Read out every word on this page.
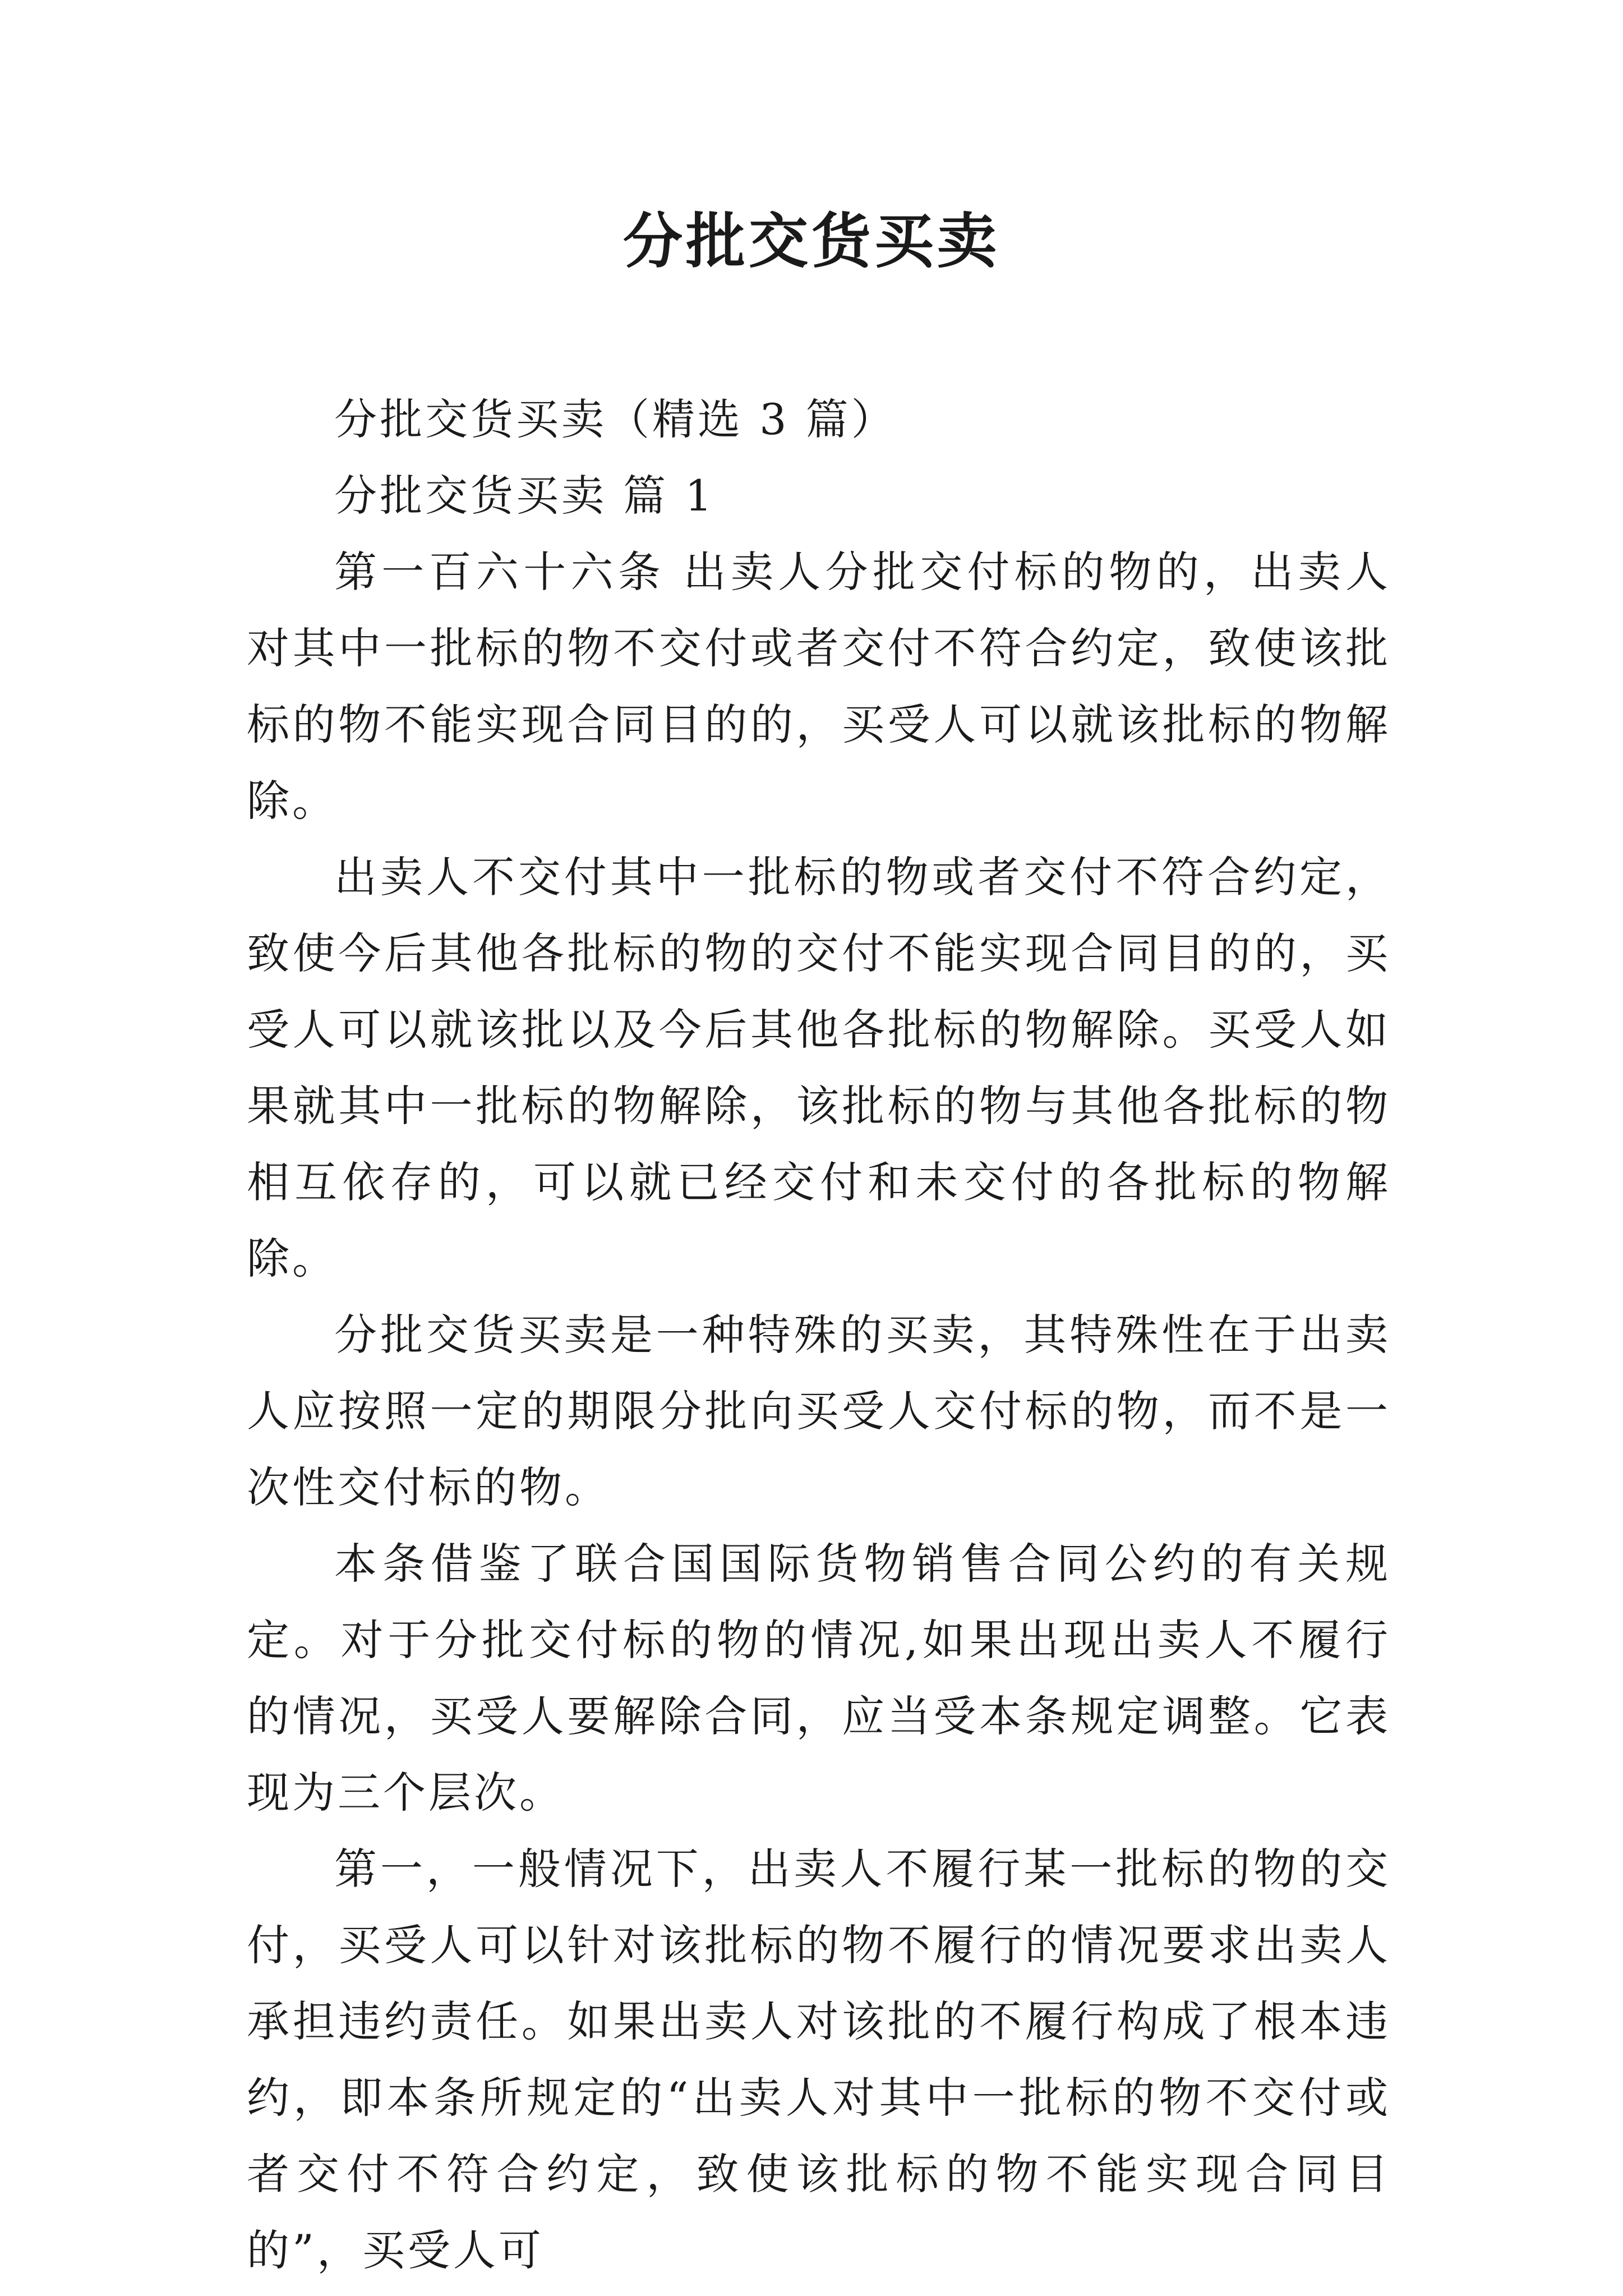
分批交货买卖

分批交货买卖（精选 3 篇）

分批交货买卖 篇 1

第一百六十六条 出卖人分批交付标的物的，出卖人对其中一批标的物不交付或者交付不符合约定，致使该批标的物不能实现合同目的的，买受人可以就该批标的物解除。

出卖人不交付其中一批标的物或者交付不符合约定，致使今后其他各批标的物的交付不能实现合同目的的，买受人可以就该批以及今后其他各批标的物解除。买受人如果就其中一批标的物解除，该批标的物与其他各批标的物相互依存的，可以就已经交付和未交付的各批标的物解除。

分批交货买卖是一种特殊的买卖，其特殊性在于出卖人应按照一定的期限分批向买受人交付标的物，而不是一次性交付标的物。

本条借鉴了联合国国际货物销售合同公约的有关规定。对于分批交付标的物的情况,如果出现出卖人不履行的情况，买受人要解除合同，应当受本条规定调整。它表现为三个层次。

第一，一般情况下，出卖人不履行某一批标的物的交付，买受人可以针对该批标的物不履行的情况要求出卖人承担违约责任。如果出卖人对该批的不履行构成了根本违约，即本条所规定的“出卖人对其中一批标的物不交付或者交付不符合约定，致使该批标的物不能实现合同目的”，买受人可
